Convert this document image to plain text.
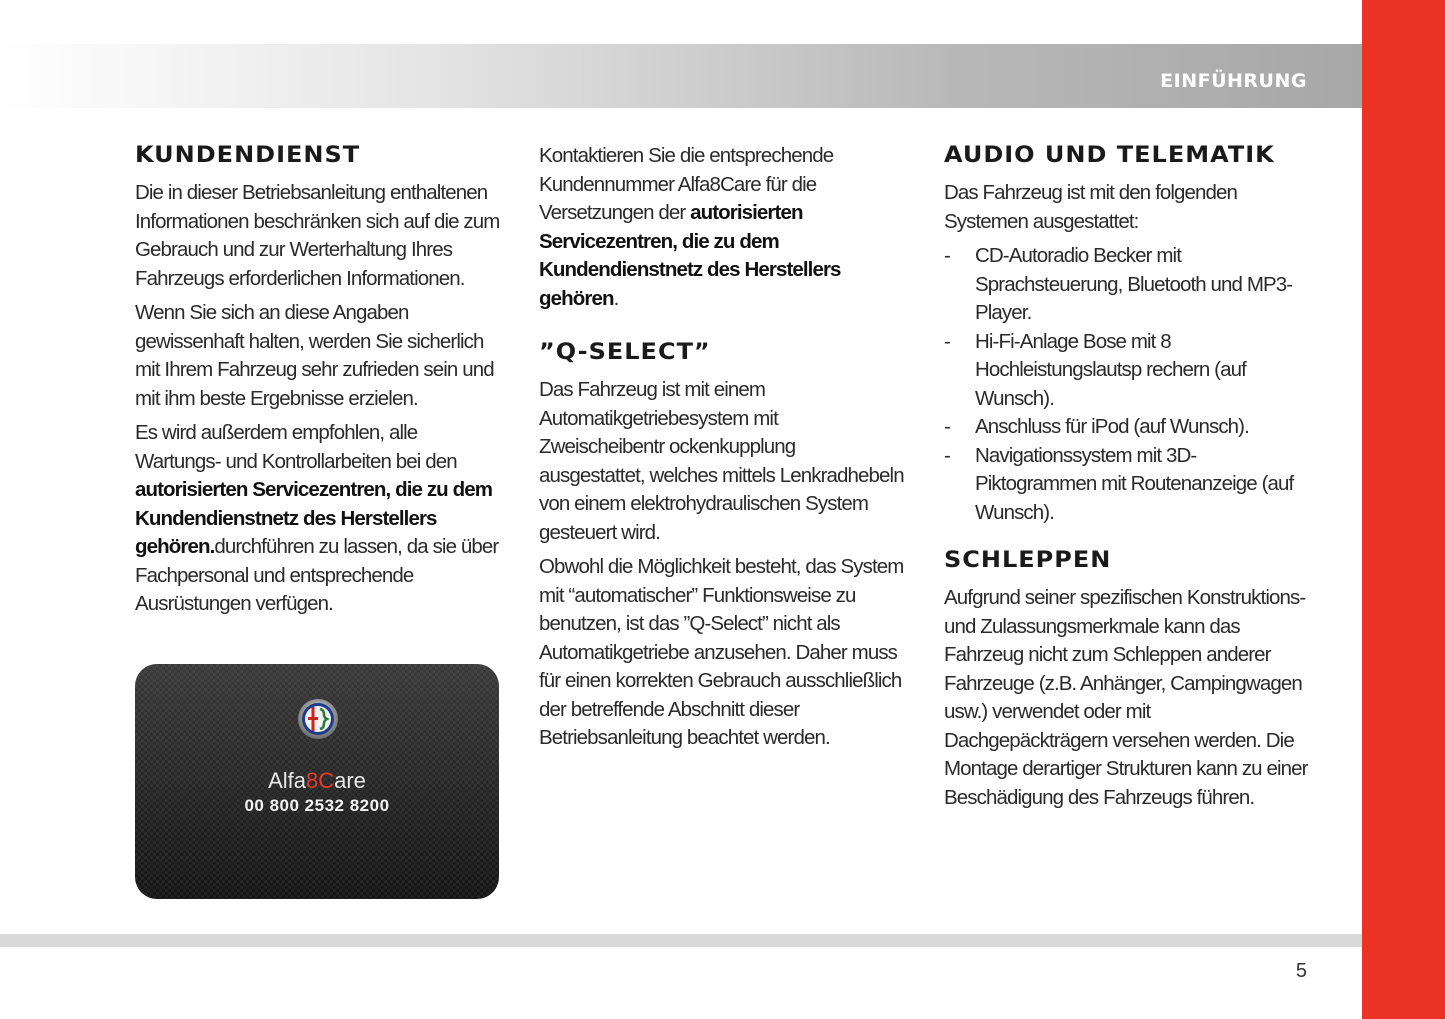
EINFÜHRUNG
KUNDENDIENST

Die in dieser Betriebsanleitung enthaltenen Informationen beschränken sich auf die zum Gebrauch und zur Werterhaltung Ihres Fahrzeugs erforderlichen Informationen.

Wenn Sie sich an diese Angaben gewissenhaft halten, werden Sie sicherlich mit Ihrem Fahrzeug sehr zufrieden sein und mit ihm beste Ergebnisse erzielen.

Es wird außerdem empfohlen, alle Wartungs- und Kontrollarbeiten bei den autorisierten Servicezentren, die zu dem Kundendienstnetz des Herstellers gehören.durchführen zu lassen, da sie über Fachpersonal und entsprechende Ausrüstungen verfügen.

Alfa8Care
00 800 2532 8200

Kontaktieren Sie die entsprechende Kundennummer Alfa8Care für die Versetzungen der autorisierten Servicezentren, die zu dem Kundendienstnetz des Herstellers gehören.

”Q-SELECT”

Das Fahrzeug ist mit einem Automatikgetriebesystem mit Zweischeibentr ockenkupplung ausgestattet, welches mittels Lenkradhebeln von einem elektrohydraulischen System gesteuert wird.

Obwohl die Möglichkeit besteht, das System mit “automatischer” Funktionsweise zu benutzen, ist das ”Q-Select” nicht als Automatikgetriebe anzusehen. Daher muss für einen korrekten Gebrauch ausschließlich der betreffende Abschnitt dieser Betriebsanleitung beachtet werden.

AUDIO UND TELEMATIK

Das Fahrzeug ist mit den folgenden Systemen ausgestattet:

- CD-Autoradio Becker mit Sprachsteuerung, Bluetooth und MP3-Player.
- Hi-Fi-Anlage Bose mit 8 Hochleistungslautsp rechern (auf Wunsch).
- Anschluss für iPod (auf Wunsch).
- Navigationssystem mit 3D-Piktogrammen mit Routenanzeige (auf Wunsch).
SCHLEPPEN

Aufgrund seiner spezifischen Konstruktions- und Zulassungsmerkmale kann das Fahrzeug nicht zum Schleppen anderer Fahrzeuge (z.B. Anhänger, Campingwagen usw.) verwendet oder mit Dachgepäckträgern versehen werden. Die Montage derartiger Strukturen kann zu einer Beschädigung des Fahrzeugs führen.

5
